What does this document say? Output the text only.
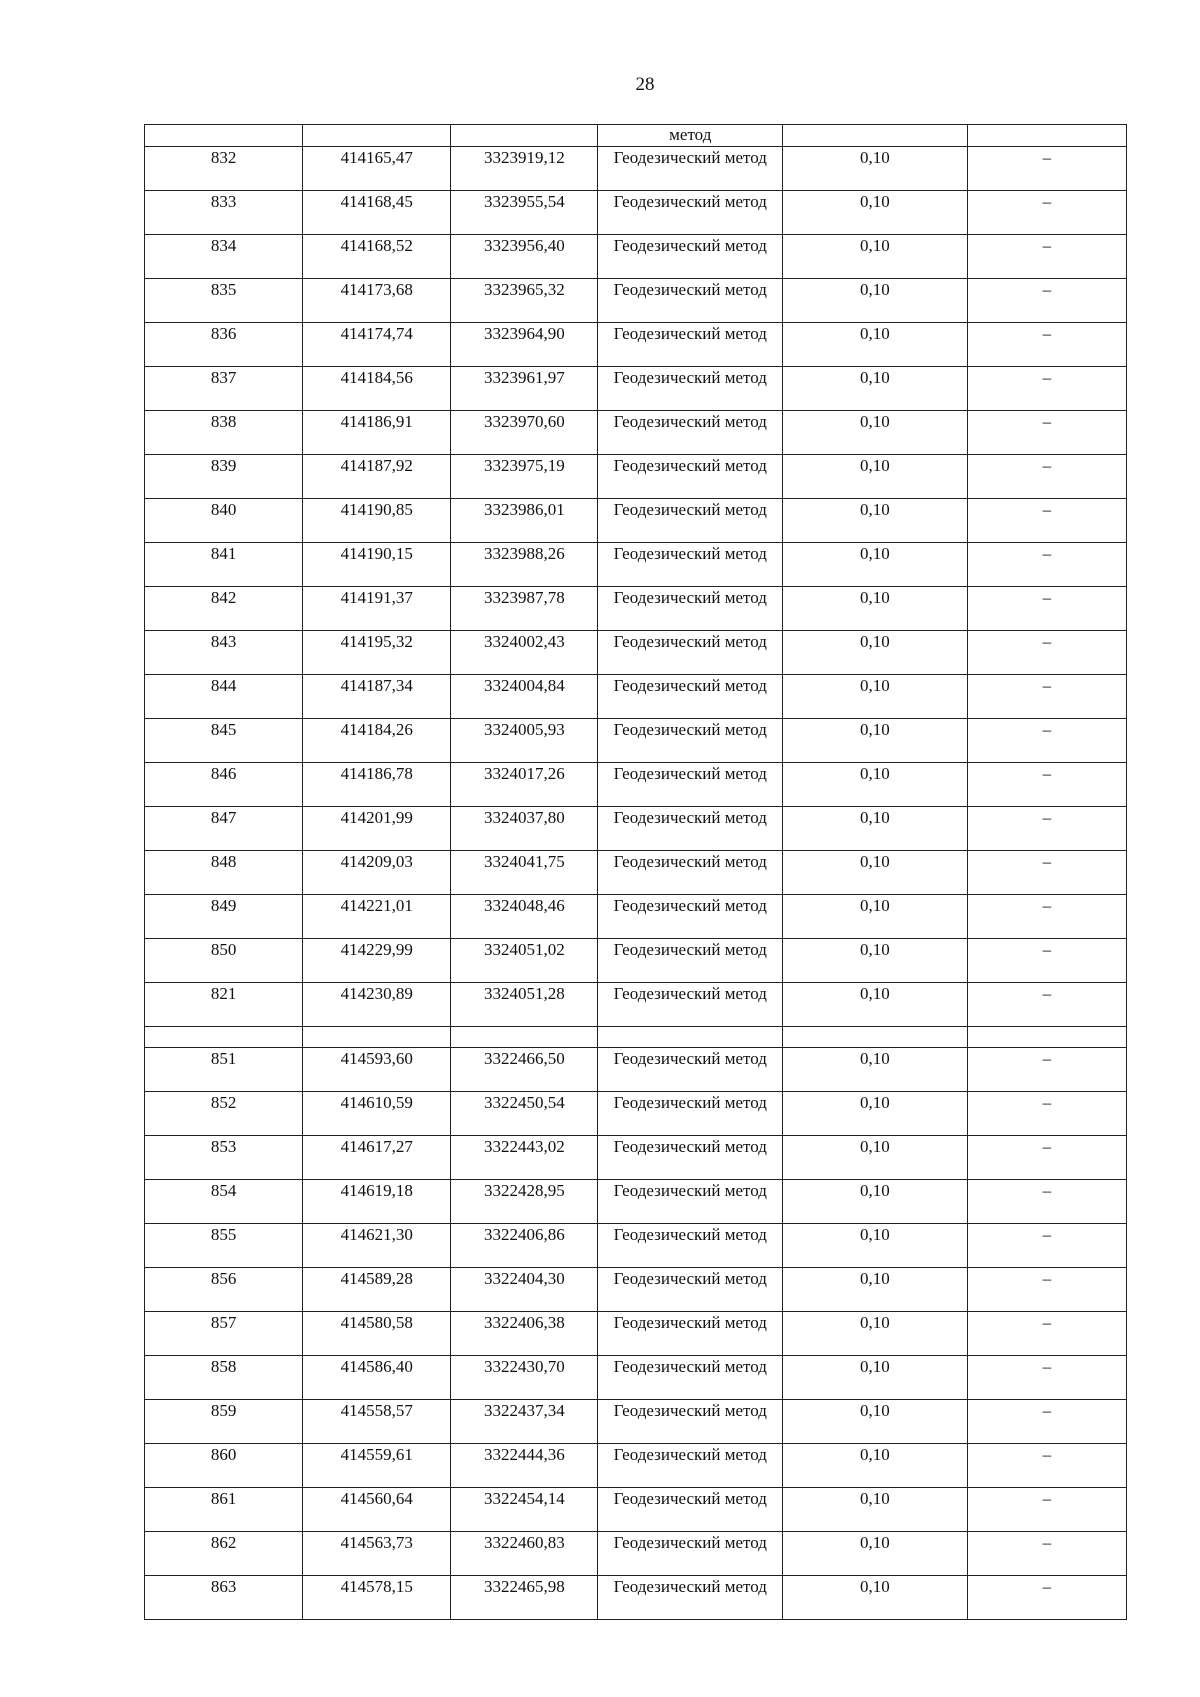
28
			метод		
832	414165,47	3323919,12	Геодезический метод	0,10	–
833	414168,45	3323955,54	Геодезический метод	0,10	–
834	414168,52	3323956,40	Геодезический метод	0,10	–
835	414173,68	3323965,32	Геодезический метод	0,10	–
836	414174,74	3323964,90	Геодезический метод	0,10	–
837	414184,56	3323961,97	Геодезический метод	0,10	–
838	414186,91	3323970,60	Геодезический метод	0,10	–
839	414187,92	3323975,19	Геодезический метод	0,10	–
840	414190,85	3323986,01	Геодезический метод	0,10	–
841	414190,15	3323988,26	Геодезический метод	0,10	–
842	414191,37	3323987,78	Геодезический метод	0,10	–
843	414195,32	3324002,43	Геодезический метод	0,10	–
844	414187,34	3324004,84	Геодезический метод	0,10	–
845	414184,26	3324005,93	Геодезический метод	0,10	–
846	414186,78	3324017,26	Геодезический метод	0,10	–
847	414201,99	3324037,80	Геодезический метод	0,10	–
848	414209,03	3324041,75	Геодезический метод	0,10	–
849	414221,01	3324048,46	Геодезический метод	0,10	–
850	414229,99	3324051,02	Геодезический метод	0,10	–
821	414230,89	3324051,28	Геодезический метод	0,10	–

851	414593,60	3322466,50	Геодезический метод	0,10	–
852	414610,59	3322450,54	Геодезический метод	0,10	–
853	414617,27	3322443,02	Геодезический метод	0,10	–
854	414619,18	3322428,95	Геодезический метод	0,10	–
855	414621,30	3322406,86	Геодезический метод	0,10	–
856	414589,28	3322404,30	Геодезический метод	0,10	–
857	414580,58	3322406,38	Геодезический метод	0,10	–
858	414586,40	3322430,70	Геодезический метод	0,10	–
859	414558,57	3322437,34	Геодезический метод	0,10	–
860	414559,61	3322444,36	Геодезический метод	0,10	–
861	414560,64	3322454,14	Геодезический метод	0,10	–
862	414563,73	3322460,83	Геодезический метод	0,10	–
863	414578,15	3322465,98	Геодезический метод	0,10	–
